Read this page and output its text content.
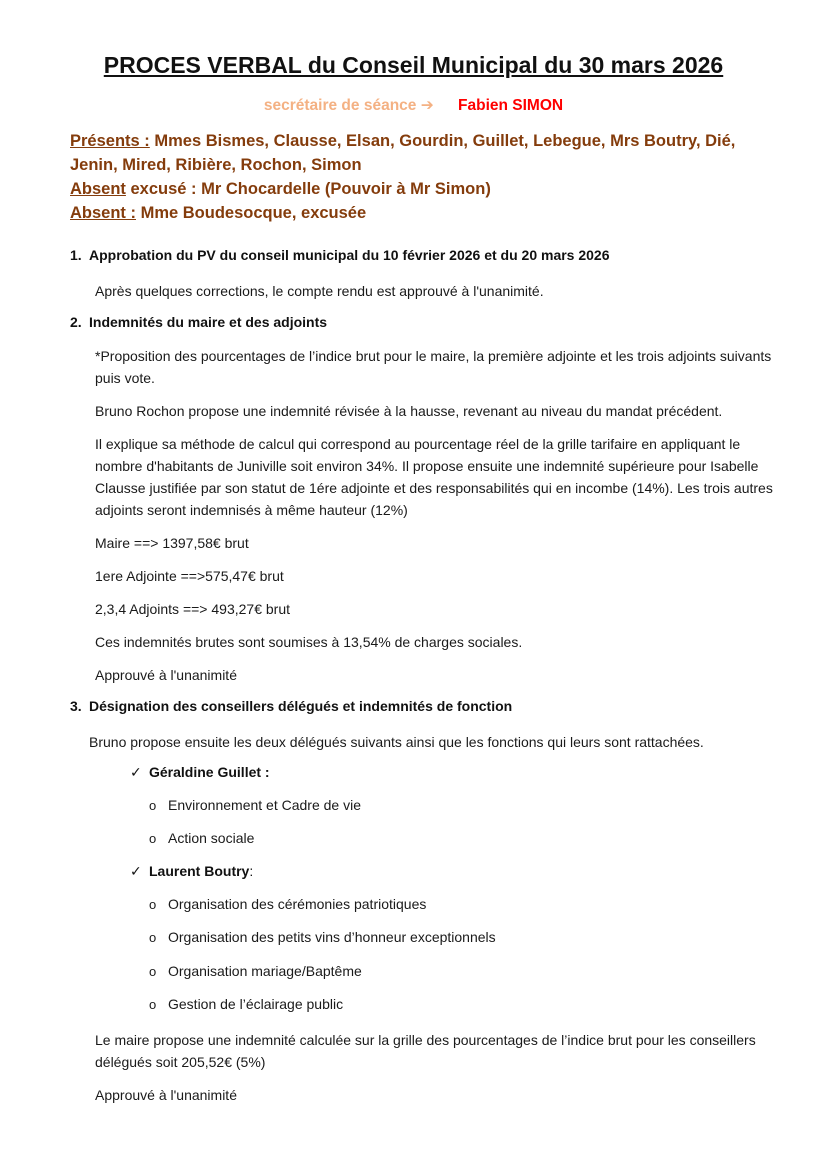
PROCES VERBAL du Conseil Municipal du 30 mars 2026
secrétaire de séance ➔ Fabien SIMON
Présents : Mmes Bismes, Clausse, Elsan, Gourdin, Guillet, Lebegue, Mrs Boutry, Dié, Jenin, Mired, Ribière, Rochon, Simon
Absent excusé : Mr Chocardelle (Pouvoir à Mr Simon)
Absent : Mme Boudesocque, excusée
1. Approbation du PV du conseil municipal du 10 février 2026 et du 20 mars 2026
Après quelques corrections, le compte rendu est approuvé à l'unanimité.
2. Indemnités du maire et des adjoints
*Proposition des pourcentages de l’indice brut pour le maire, la première adjointe et les trois adjoints suivants puis vote.
Bruno Rochon propose une indemnité révisée à la hausse, revenant au niveau du mandat précédent.
Il explique sa méthode de calcul qui correspond au pourcentage réel de la grille tarifaire en appliquant le nombre d'habitants de Juniville soit environ 34%. Il propose ensuite une indemnité supérieure pour Isabelle Clausse justifiée par son statut de 1ére adjointe et des responsabilités qui en incombe (14%). Les trois autres adjoints seront indemnisés à même hauteur (12%)
Maire ==> 1397,58€ brut
1ere Adjointe ==>575,47€ brut
2,3,4 Adjoints ==> 493,27€ brut
Ces indemnités brutes sont soumises à 13,54% de charges sociales.
Approuvé à l'unanimité
3. Désignation des conseillers délégués et indemnités de fonction
Bruno propose ensuite les deux délégués suivants ainsi que les fonctions qui leurs sont rattachées.
✓ Géraldine Guillet :
o Environnement et Cadre de vie
o Action sociale
✓ Laurent Boutry:
o Organisation des cérémonies patriotiques
o Organisation des petits vins d’honneur exceptionnels
o Organisation mariage/Baptême
o Gestion de l’éclairage public
Le maire propose une indemnité calculée sur la grille des pourcentages de l’indice brut pour les conseillers délégués soit 205,52€ (5%)
Approuvé à l'unanimité
